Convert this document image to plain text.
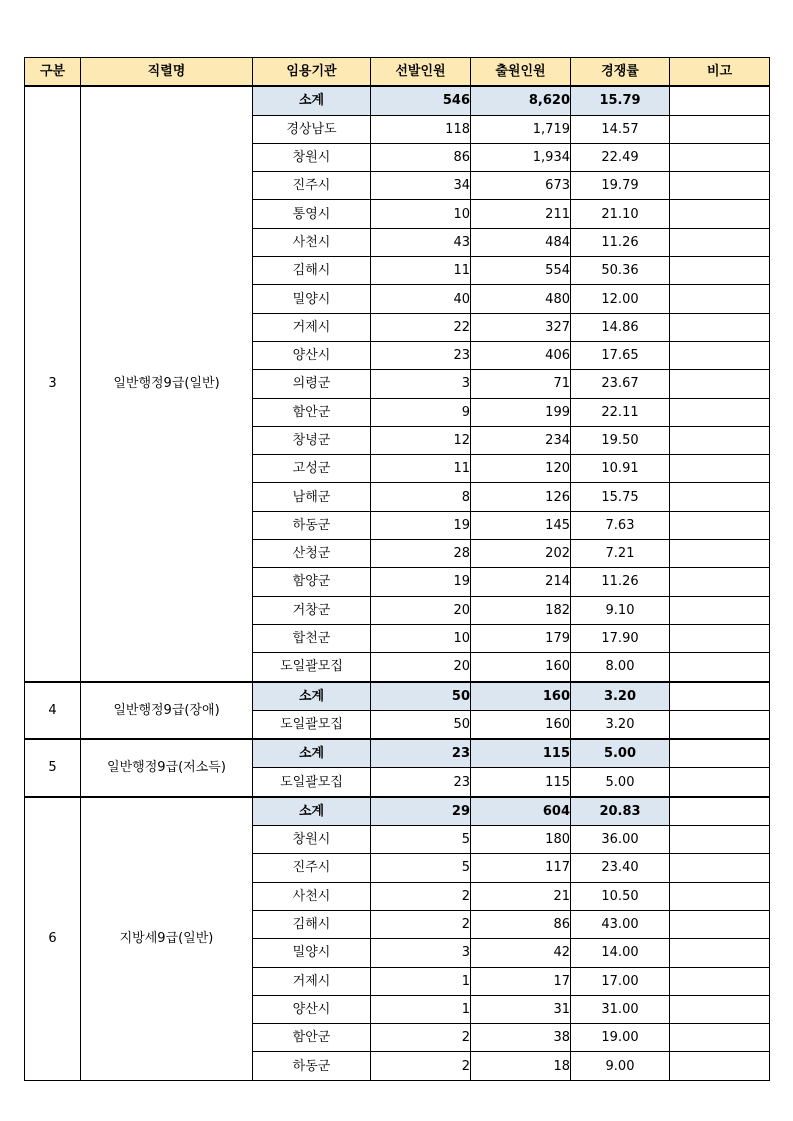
구분	직렬명	임용기관	선발인원	출원인원	경쟁률	비고
3	일반행정9급(일반)	소계	546	8,620	15.79	
		경상남도	118	1,719	14.57	
		창원시	86	1,934	22.49	
		진주시	34	673	19.79	
		통영시	10	211	21.10	
		사천시	43	484	11.26	
		김해시	11	554	50.36	
		밀양시	40	480	12.00	
		거제시	22	327	14.86	
		양산시	23	406	17.65	
		의령군	3	71	23.67	
		함안군	9	199	22.11	
		창녕군	12	234	19.50	
		고성군	11	120	10.91	
		남해군	8	126	15.75	
		하동군	19	145	7.63	
		산청군	28	202	7.21	
		함양군	19	214	11.26	
		거창군	20	182	9.10	
		합천군	10	179	17.90	
		도일괄모집	20	160	8.00	
4	일반행정9급(장애)	소계	50	160	3.20	
		도일괄모집	50	160	3.20	
5	일반행정9급(저소득)	소계	23	115	5.00	
		도일괄모집	23	115	5.00	
6	지방세9급(일반)	소계	29	604	20.83	
		창원시	5	180	36.00	
		진주시	5	117	23.40	
		사천시	2	21	10.50	
		김해시	2	86	43.00	
		밀양시	3	42	14.00	
		거제시	1	17	17.00	
		양산시	1	31	31.00	
		함안군	2	38	19.00	
		하동군	2	18	9.00	
